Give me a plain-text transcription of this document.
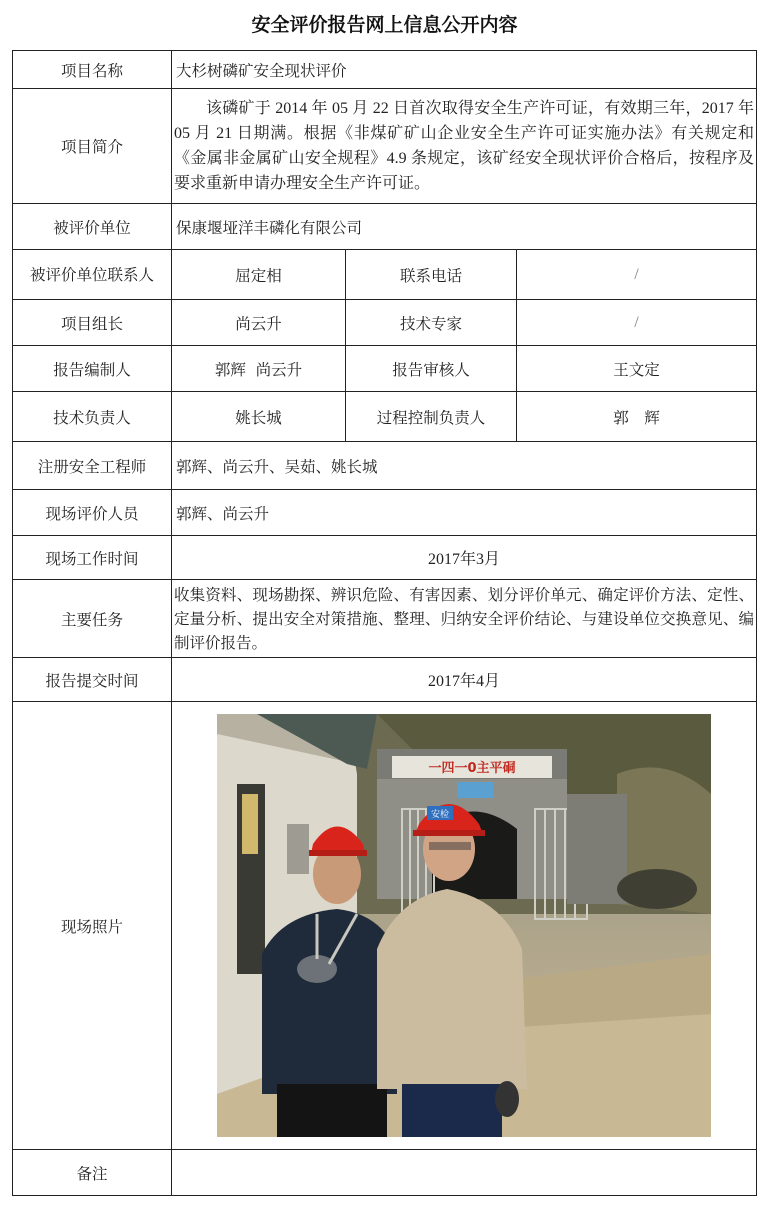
安全评价报告网上信息公开内容
项目名称	大杉树磷矿安全现状评价		
项目简介	该磷矿于 2014 年 05 月 22 日首次取得安全生产许可证，有效期三年，2017 年 05 月 21 日期满。根据《非煤矿矿山企业安全生产许可证实施办法》有关规定和《金属非金属矿山安全规程》4.9 条规定，该矿经安全现状评价合格后，按程序及要求重新申请办理安全生产许可证。		
被评价单位	保康堰垭洋丰磷化有限公司		
被评价单位联系人	屈定相	联系电话	/
项目组长	尚云升	技术专家	/
报告编制人	郭辉  尚云升	报告审核人	王文定
技术负责人	姚长城	过程控制负责人	郭　辉
注册安全工程师	郭辉、尚云升、吴茹、姚长城		
现场评价人员	郭辉、尚云升		
现场工作时间	2017年3月		
主要任务	收集资料、现场勘探、辨识危险、有害因素、划分评价单元、确定评价方法、定性、定量分析、提出安全对策措施、整理、归纳安全评价结论、与建设单位交换意见、编制评价报告。		
报告提交时间	2017年4月		
现场照片	一四一0主平硐
安检		

备注			
